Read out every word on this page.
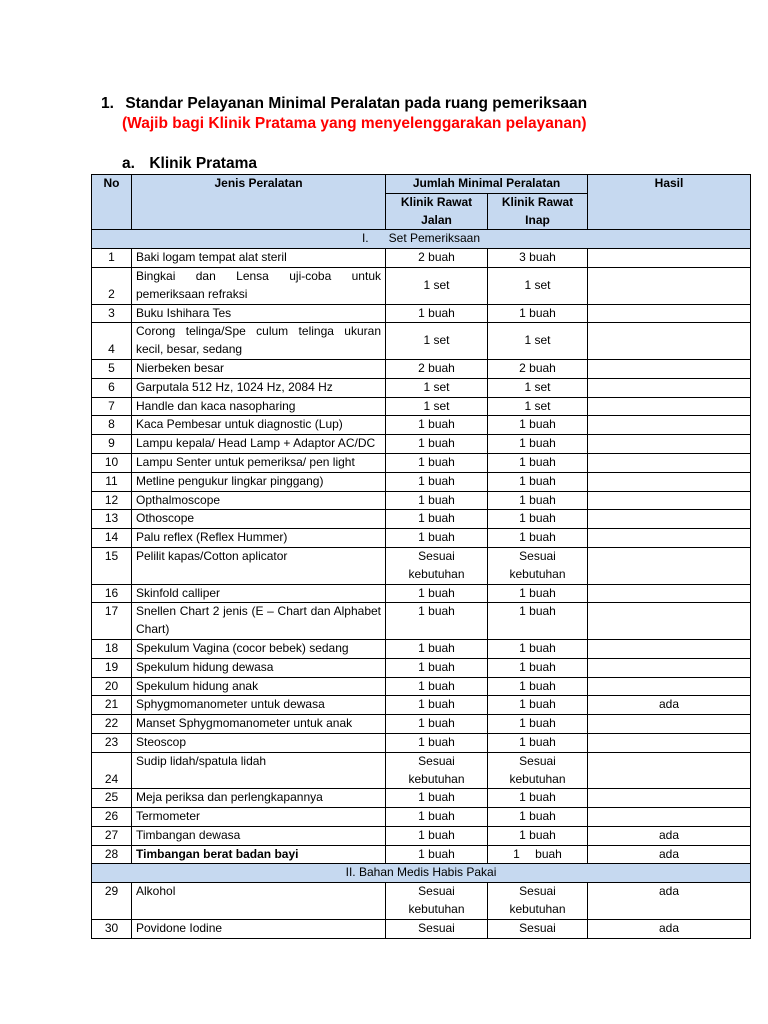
1. Standar Pelayanan Minimal Peralatan pada ruang pemeriksaan
(Wajib bagi Klinik Pratama yang menyelenggarakan pelayanan)
a. Klinik Pratama
No	Jenis Peralatan	Jumlah Minimal Peralatan		Hasil
		Klinik Rawat Jalan	Klinik Rawat Inap	
I.      Set Pemeriksaan				
1	Baki logam tempat alat steril	2 buah	3 buah	
2	Bingkai dan Lensa uji-coba untuk pemeriksaan refraksi	1 set	1 set	
3	Buku Ishihara Tes	1 buah	1 buah	
4	Corong telinga/Spe culum telinga ukuran kecil, besar, sedang	1 set	1 set	
5	Nierbeken besar	2 buah	2 buah	
6	Garputala 512 Hz, 1024 Hz, 2084 Hz	1 set	1 set	
7	Handle dan kaca nasopharing	1 set	1 set	
8	Kaca Pembesar untuk diagnostic (Lup)	1 buah	1 buah	
9	Lampu kepala/ Head Lamp + Adaptor AC/DC	1 buah	1 buah	
10	Lampu Senter untuk pemeriksa/ pen light	1 buah	1 buah	
11	Metline pengukur lingkar pinggang)	1 buah	1 buah	
12	Opthalmoscope	1 buah	1 buah	
13	Othoscope	1 buah	1 buah	
14	Palu reflex (Reflex Hummer)	1 buah	1 buah	
15	Pelilit kapas/Cotton aplicator	Sesuai kebutuhan	Sesuai kebutuhan	
16	Skinfold calliper	1 buah	1 buah	
17	Snellen Chart 2 jenis (E – Chart dan Alphabet Chart)	1 buah	1 buah	
18	Spekulum Vagina (cocor bebek) sedang	1 buah	1 buah	
19	Spekulum hidung dewasa	1 buah	1 buah	
20	Spekulum hidung anak	1 buah	1 buah	
21	Sphygmomanometer untuk dewasa	1 buah	1 buah	ada
22	Manset Sphygmomanometer untuk anak	1 buah	1 buah	
23	Steoscop	1 buah	1 buah	
24	Sudip lidah/spatula lidah	Sesuai kebutuhan	Sesuai kebutuhan	
25	Meja periksa dan perlengkapannya	1 buah	1 buah	
26	Termometer	1 buah	1 buah	
27	Timbangan dewasa	1 buah	1 buah	ada
28	Timbangan berat badan bayi	1 buah	1 buah	ada
II. Bahan Medis Habis Pakai				
29	Alkohol	Sesuai kebutuhan	Sesuai kebutuhan	ada
30	Povidone Iodine	Sesuai	Sesuai	ada
